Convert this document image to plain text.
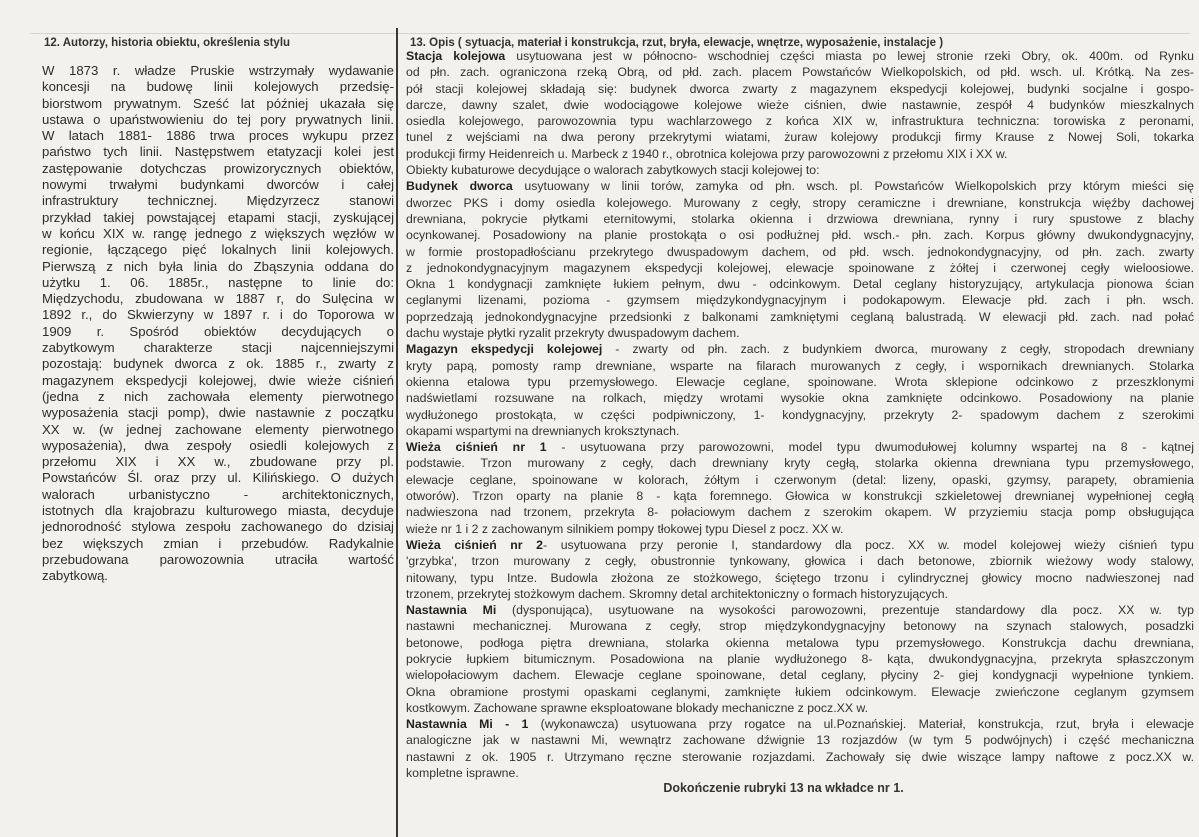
12. Autorzy, historia obiektu, określenia stylu
W 1873 r. władze Pruskie wstrzymały wydawanie
koncesji na budowę linii kolejowych przedsię-
biorstwom prywatnym. Sześć lat później ukazała się
ustawa o upaństwowieniu do tej pory prywatnych linii.
W latach 1881- 1886 trwa proces wykupu przez
państwo tych linii. Następstwem etatyzacji kolei jest
zastępowanie dotychczas prowizorycznych obiektów,
nowymi trwałymi budynkami dworców i całej
infrastruktury technicznej. Międzyrzecz stanowi
przykład takiej powstającej etapami stacji, zyskującej
w końcu XIX w. rangę jednego z większych węzłów w
regionie, łączącego pięć lokalnych linii kolejowych.
Pierwszą z nich była linia do Zbąszynia oddana do
użytku 1. 06. 1885r., następne to linie do:
Międzychodu, zbudowana w 1887 r, do Sulęcina w
1892 r., do Skwierzyny w 1897 r. i do Toporowa w
1909 r. Spośród obiektów decydujących o
zabytkowym charakterze stacji najcenniejszymi
pozostają: budynek dworca z ok. 1885 r., zwarty z
magazynem ekspedycji kolejowej, dwie wieże ciśnień
(jedna z nich zachowała elementy pierwotnego
wyposażenia stacji pomp), dwie nastawnie z początku
XX w. (w jednej zachowane elementy pierwotnego
wyposażenia), dwa zespoły osiedli kolejowych z
przełomu XIX i XX w., zbudowane przy pl.
Powstańców Śl. oraz przy ul. Kilińskiego. O dużych
walorach urbanistyczno - architektonicznych,
istotnych dla krajobrazu kulturowego miasta, decyduje
jednorodność stylowa zespołu zachowanego do dzisiaj
bez większych zmian i przebudów. Radykalnie
przebudowana parowozownia utraciła wartość
zabytkową.
13. Opis ( sytuacja, materiał i konstrukcja, rzut, bryła, elewacje, wnętrze, wyposażenie, instalacje )
Stacja kolejowa usytuowana jest w północno- wschodniej części miasta po lewej stronie rzeki Obry, ok. 400m. od Rynku
od płn. zach. ograniczona rzeką Obrą, od płd. zach. placem Powstańców Wielkopolskich, od płd. wsch. ul. Krótką. Na zes-
pół stacji kolejowej składają się: budynek dworca zwarty z magazynem ekspedycji kolejowej, budynki socjalne i gospo-
darcze, dawny szalet, dwie wodociągowe kolejowe wieże ciśnien, dwie nastawnie, zespół 4 budynków mieszkalnych
osiedla kolejowego, parowozownia typu wachlarzowego z końca XIX w, infrastruktura techniczna: torowiska z peronami,
tunel z wejściami na dwa perony przekrytymi wiatami, żuraw kolejowy produkcji firmy Krause z Nowej Soli, tokarka
produkcji firmy Heidenreich u. Marbeck z 1940 r., obrotnica kolejowa przy parowozowni z przełomu XIX i XX w.
Obiekty kubaturowe decydujące o walorach zabytkowych stacji kolejowej to:
Budynek dworca usytuowany w linii torów, zamyka od płn. wsch. pl. Powstańców Wielkopolskich przy którym mieści się
dworzec PKS i domy osiedla kolejowego. Murowany z cegły, stropy ceramiczne i drewniane, konstrukcja więźby dachowej
drewniana, pokrycie płytkami eternitowymi, stolarka okienna i drzwiowa drewniana, rynny i rury spustowe z blachy
ocynkowanej. Posadowiony na planie prostokąta o osi podłużnej płd. wsch.- płn. zach. Korpus główny dwukondygnacyjny,
w formie prostopadłościanu przekrytego dwuspadowym dachem, od płd. wsch. jednokondygnacyjny, od płn. zach. zwarty
z jednokondygnacyjnym magazynem ekspedycji kolejowej, elewacje spoinowane z żółtej i czerwonej cegły wieloosiowe.
Okna 1 kondygnacji zamknięte łukiem pełnym, dwu - odcinkowym. Detal ceglany historyzujący, artykulacja pionowa ścian
ceglanymi lizenami, pozioma - gzymsem międzykondygnacyjnym i podokapowym. Elewacje płd. zach i płn. wsch.
poprzedzają jednokondygnacyjne przedsionki z balkonami zamkniętymi ceglaną balustradą. W elewacji płd. zach. nad połać
dachu wystaje płytki ryzalit przekryty dwuspadowym dachem.
Magazyn ekspedycji kolejowej - zwarty od płn. zach. z budynkiem dworca, murowany z cegły, stropodach drewniany
kryty papą, pomosty ramp drewniane, wsparte na filarach murowanych z cegły, i wspornikach drewnianych. Stolarka
okienna etalowa typu przemysłowego. Elewacje ceglane, spoinowane. Wrota sklepione odcinkowo z przeszklonymi
nadświetlami rozsuwane na rolkach, między wrotami wysokie okna zamknięte odcinkowo. Posadowiony na planie
wydłużonego prostokąta, w części podpiwniczony, 1- kondygnacyjny, przekryty 2- spadowym dachem z szerokimi
okapami wspartymi na drewnianych kroksztynach.
Wieża ciśnień nr 1 - usytuowana przy parowozowni, model typu dwumodułowej kolumny wspartej na 8 - kątnej
podstawie. Trzon murowany z cegły, dach drewniany kryty cegłą, stolarka okienna drewniana typu przemysłowego,
elewacje ceglane, spoinowane w kolorach, żółtym i czerwonym (detal: lizeny, opaski, gzymsy, parapety, obramienia
otworów). Trzon oparty na planie 8 - kąta foremnego. Głowica w konstrukcji szkieletowej drewnianej wypełnionej cegłą
nadwieszona nad trzonem, przekryta 8- połaciowym dachem z szerokim okapem. W przyziemiu stacja pomp obsługująca
wieże nr 1 i 2 z zachowanym silnikiem pompy tłokowej typu Diesel z pocz. XX w.
Wieża ciśnień nr 2- usytuowana przy peronie I, standardowy dla pocz. XX w. model kolejowej wieży ciśnień typu
'grzybka', trzon murowany z cegły, obustronnie tynkowany, głowica i dach betonowe, zbiornik wieżowy wody stalowy,
nitowany, typu Intze. Budowla złożona ze stożkowego, ściętego trzonu i cylindrycznej głowicy mocno nadwieszonej nad
trzonem, przekrytej stożkowym dachem. Skromny detal architektoniczny o formach historyzujących.
Nastawnia Mi (dysponująca), usytuowane na wysokości parowozowni, prezentuje standardowy dla pocz. XX w. typ
nastawni mechanicznej. Murowana z cegły, strop międzykondygnacyjny betonowy na szynach stalowych, posadzki
betonowe, podłoga piętra drewniana, stolarka okienna metalowa typu przemysłowego. Konstrukcja dachu drewniana,
pokrycie łupkiem bitumicznym. Posadowiona na planie wydłużonego 8- kąta, dwukondygnacyjna, przekryta spłaszczonym
wielopołaciowym dachem. Elewacje ceglane spoinowane, detal ceglany, płyciny 2- giej kondygnacji wypełnione tynkiem.
Okna obramione prostymi opaskami ceglanymi, zamknięte łukiem odcinkowym. Elewacje zwieńczone ceglanym gzymsem
kostkowym. Zachowane sprawne eksploatowane blokady mechaniczne z pocz.XX w.
Nastawnia Mi - 1 (wykonawcza) usytuowana przy rogatce na ul.Poznańskiej. Materiał, konstrukcja, rzut, bryła i elewacje
analogiczne jak w nastawni Mi, wewnątrz zachowane dźwignie 13 rozjazdów (w tym 5 podwójnych) i część mechaniczna
nastawni z ok. 1905 r. Utrzymano ręczne sterowanie rozjazdami. Zachowały się dwie wiszące lampy naftowe z pocz.XX w.
kompletne isprawne.
Dokończenie rubryki 13 na wkładce nr 1.
